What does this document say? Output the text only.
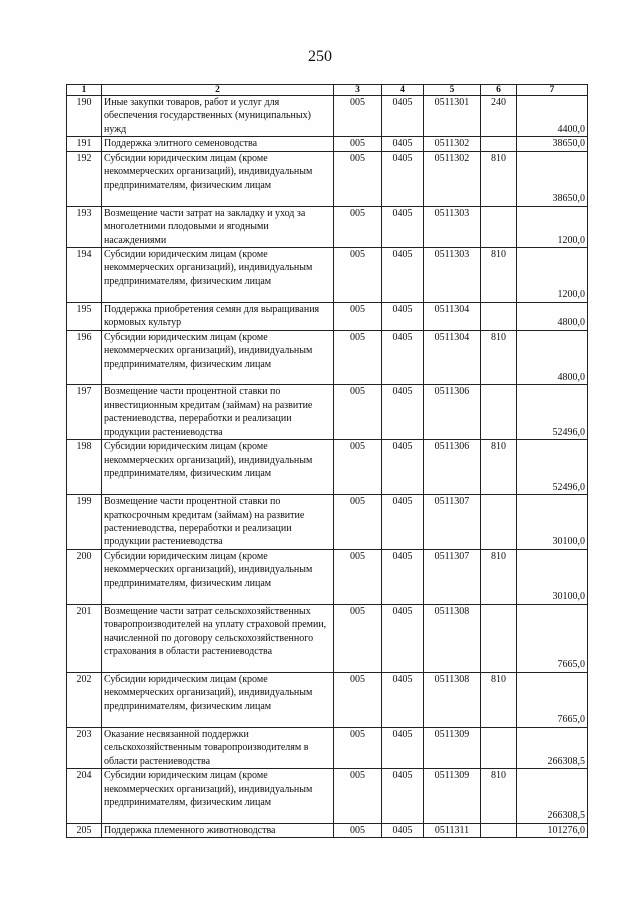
250
1	2	3	4	5	6	7
190	Иные закупки товаров, работ и услуг для обеспечения государственных (муниципальных) нужд	005	0405	0511301	240	4400,0
191	Поддержка элитного семеноводства	005	0405	0511302		38650,0
192	Субсидии юридическим лицам (кроме некоммерческих организаций), индивидуальным предпринимателям, физическим лицам	005	0405	0511302	810	38650,0
193	Возмещение части затрат на закладку и уход за многолетними плодовыми и ягодными насаждениями	005	0405	0511303		1200,0
194	Субсидии юридическим лицам (кроме некоммерческих организаций), индивидуальным предпринимателям, физическим лицам	005	0405	0511303	810	1200,0
195	Поддержка приобретения семян для выращивания кормовых культур	005	0405	0511304		4800,0
196	Субсидии юридическим лицам (кроме некоммерческих организаций), индивидуальным предпринимателям, физическим лицам	005	0405	0511304	810	4800,0
197	Возмещение части процентной ставки по инвестиционным кредитам (займам) на развитие растениеводства, переработки и реализации продукции растениеводства	005	0405	0511306		52496,0
198	Субсидии юридическим лицам (кроме некоммерческих организаций), индивидуальным предпринимателям, физическим лицам	005	0405	0511306	810	52496,0
199	Возмещение части процентной ставки по краткосрочным кредитам (займам) на развитие растениеводства, переработки и реализации продукции растениеводства	005	0405	0511307		30100,0
200	Субсидии юридическим лицам (кроме некоммерческих организаций), индивидуальным предпринимателям, физическим лицам	005	0405	0511307	810	30100,0
201	Возмещение части затрат сельскохозяйственных товаропроизводителей на уплату страховой премии, начисленной по договору сельскохозяйственного страхования в области растениеводства	005	0405	0511308		7665,0
202	Субсидии юридическим лицам (кроме некоммерческих организаций), индивидуальным предпринимателям, физическим лицам	005	0405	0511308	810	7665,0
203	Оказание несвязанной поддержки сельскохозяйственным товаропроизводителям в области растениеводства	005	0405	0511309		266308,5
204	Субсидии юридическим лицам (кроме некоммерческих организаций), индивидуальным предпринимателям, физическим лицам	005	0405	0511309	810	266308,5
205	Поддержка племенного животноводства	005	0405	0511311		101276,0
